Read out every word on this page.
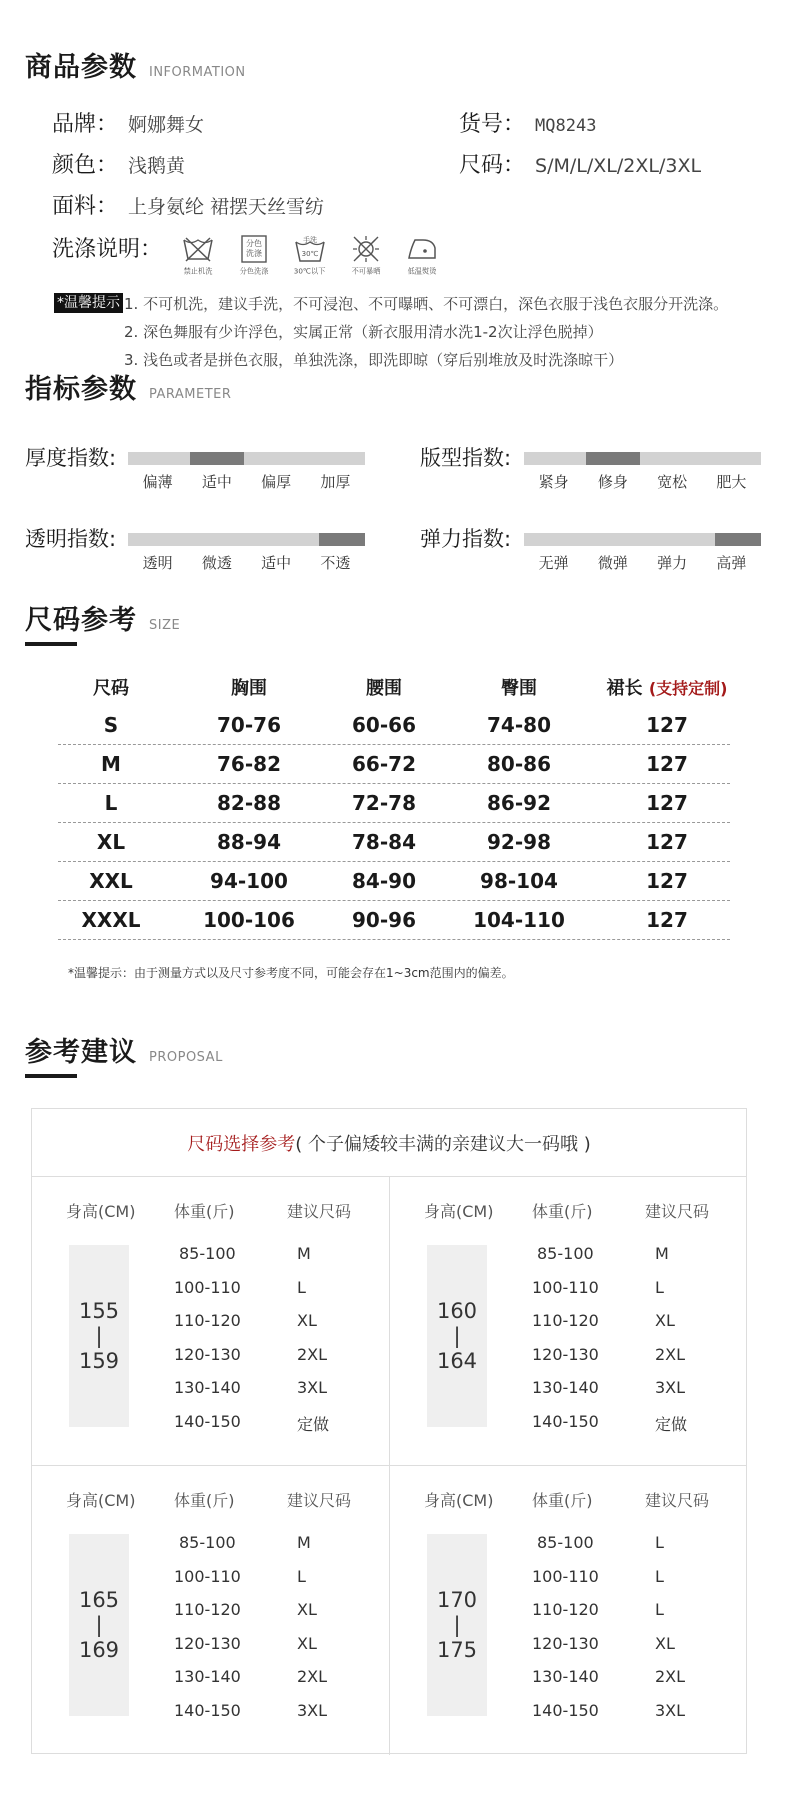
商品参数 INFORMATION
品牌： 婀娜舞女	货号： MQ8243
颜色： 浅鹅黄	尺码： S/M/L/XL/2XL/3XL
面料： 上身氨纶 裙摆天丝雪纺
洗涤说明：
禁止机洗
分色
洗涤
分色洗涤
手洗
30℃
30℃以下	不可暴晒	低温熨烫
*温馨提示 1. 不可机洗，建议手洗，不可浸泡、不可曝晒、不可漂白，深色衣服于浅色衣服分开洗涤。
2. 深色舞服有少许浮色，实属正常（新衣服用清水洗1-2次让浮色脱掉）
3. 浅色或者是拼色衣服，单独洗涤，即洗即晾（穿后别堆放及时洗涤晾干）
指标参数 PARAMETER
厚度指数:
偏薄	适中	偏厚	加厚
版型指数:
紧身	修身	宽松	肥大
透明指数:
透明	微透	适中	不透
弹力指数:
无弹	微弹	弹力	高弹
尺码参考 SIZE
尺码	胸围	腰围	臀围	裙长 (支持定制)
S	70-76	60-66	74-80	127
M	76-82	66-72	80-86	127
L	82-88	72-78	86-92	127
XL	88-94	78-84	92-98	127
XXL	94-100	84-90	98-104	127
XXXL	100-106	90-96	104-110	127
*温馨提示：由于测量方式以及尺寸参考度不同，可能会存在1~3cm范围内的偏差。
参考建议 PROPOSAL
尺码选择参考 ( 个子偏矮较丰满的亲建议大一码哦 )
身高(CM) 体重(斤)	建议尺码
155
|
159
85-100	M
100-110	L
110-120	XL
120-130	2XL
130-140	3XL
140-150	定做
身高(CM) 体重(斤)	建议尺码
160
|
164
85-100	M
100-110	L
110-120	XL
120-130	2XL
130-140	3XL
140-150	定做
身高(CM) 体重(斤)	建议尺码
165
|
169
85-100	M
100-110	L
110-120	XL
120-130	XL
130-140	2XL
140-150	3XL
身高(CM) 体重(斤)	建议尺码
170
|
175
85-100	L
100-110	L
110-120	L
120-130	XL
130-140	2XL
140-150	3XL
